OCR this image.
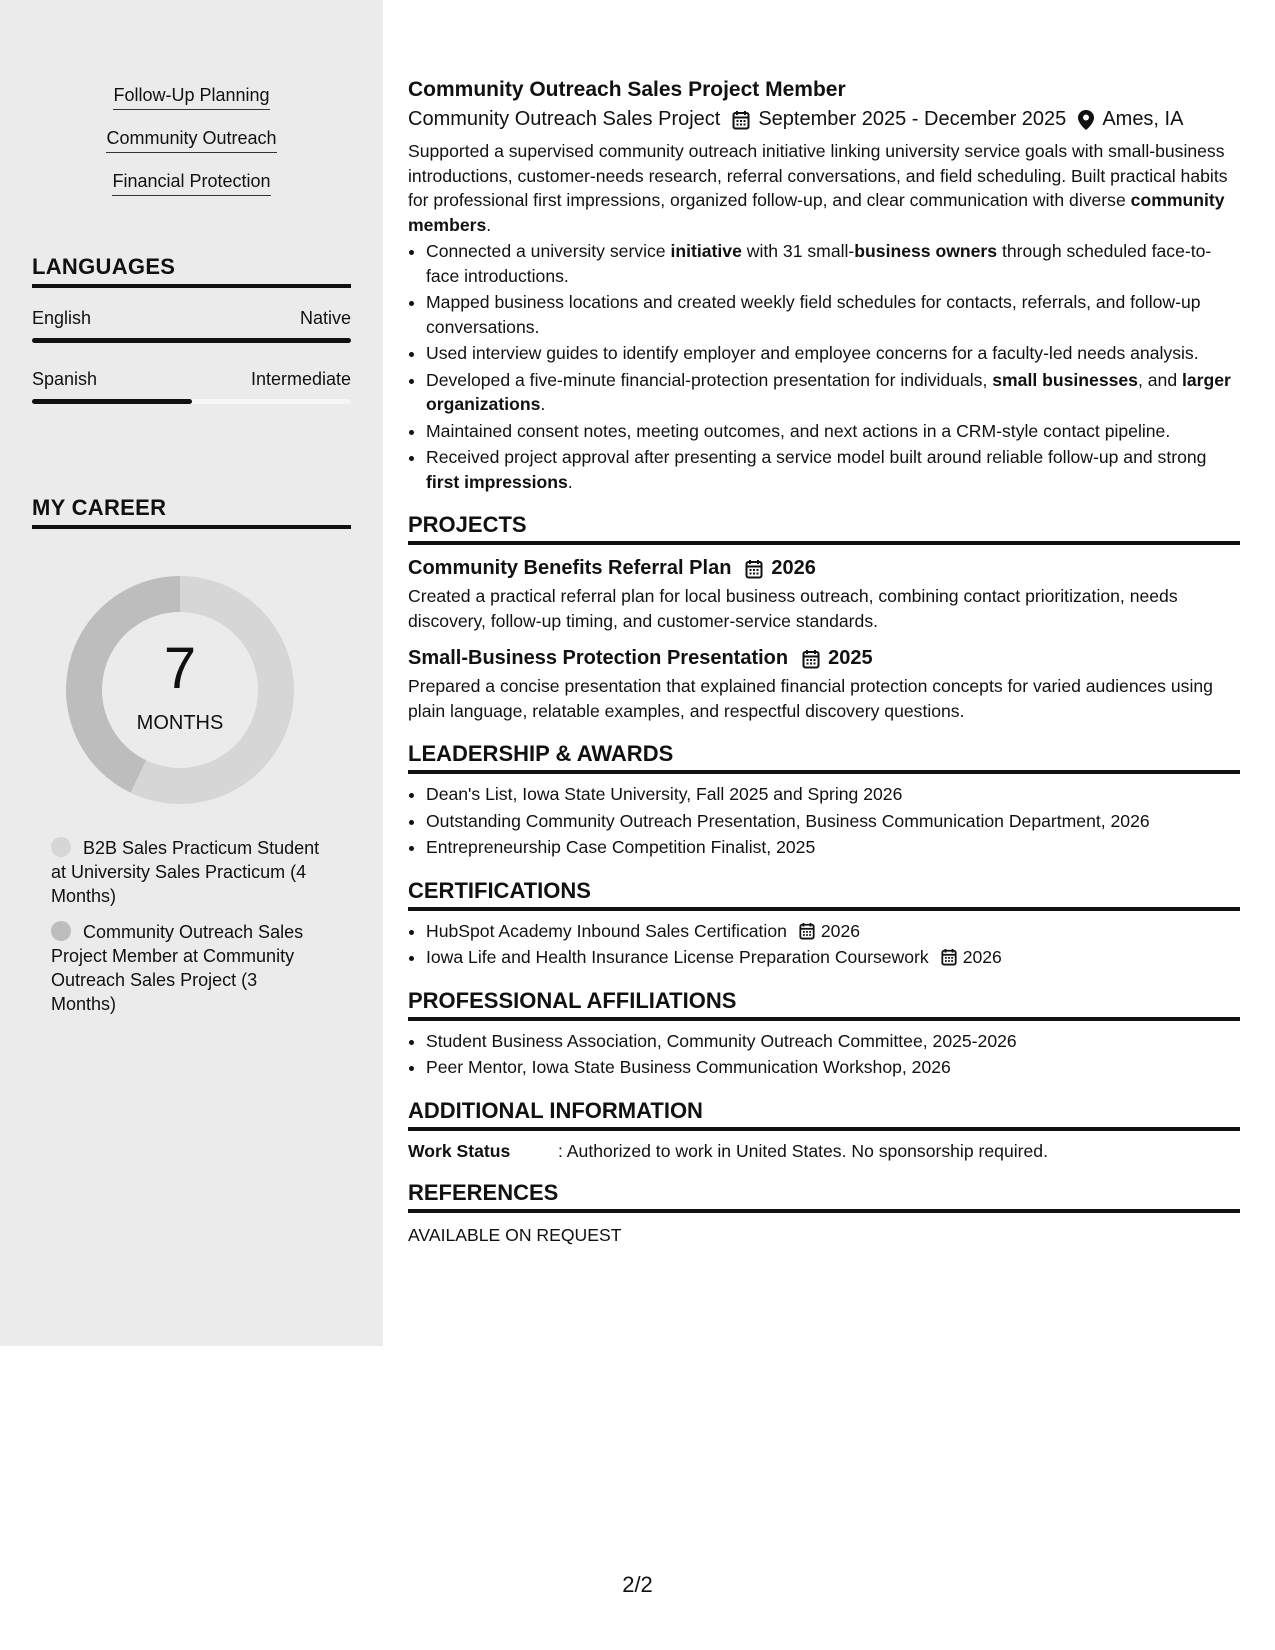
Follow-Up Planning
Community Outreach
Financial Protection
LANGUAGES
English	Native
Spanish	Intermediate
MY CAREER
7
MONTHS
B2B Sales Practicum Student at University Sales Practicum (4 Months)
Community Outreach Sales Project Member at Community Outreach Sales Project (3 Months)
Community Outreach Sales Project Member
Community Outreach Sales Project September 2025 - December 2025 Ames, IA
Supported a supervised community outreach initiative linking university service goals with small-business introductions, customer-needs research, referral conversations, and field scheduling. Built practical habits for professional first impressions, organized follow-up, and clear communication with diverse community members.
• Connected a university service initiative with 31 small-business owners through scheduled face-to-face introductions.
• Mapped business locations and created weekly field schedules for contacts, referrals, and follow-up conversations.
• Used interview guides to identify employer and employee concerns for a faculty-led needs analysis.
• Developed a five-minute financial-protection presentation for individuals, small businesses, and larger organizations.
• Maintained consent notes, meeting outcomes, and next actions in a CRM-style contact pipeline.
• Received project approval after presenting a service model built around reliable follow-up and strong first impressions.
PROJECTS
Community Benefits Referral Plan 2026
Created a practical referral plan for local business outreach, combining contact prioritization, needs discovery, follow-up timing, and customer-service standards.
Small-Business Protection Presentation 2025
Prepared a concise presentation that explained financial protection concepts for varied audiences using plain language, relatable examples, and respectful discovery questions.
LEADERSHIP & AWARDS
• Dean's List, Iowa State University, Fall 2025 and Spring 2026
• Outstanding Community Outreach Presentation, Business Communication Department, 2026
• Entrepreneurship Case Competition Finalist, 2025
CERTIFICATIONS
• HubSpot Academy Inbound Sales Certification 2026
• Iowa Life and Health Insurance License Preparation Coursework 2026
PROFESSIONAL AFFILIATIONS
• Student Business Association, Community Outreach Committee, 2025-2026
• Peer Mentor, Iowa State Business Communication Workshop, 2026
ADDITIONAL INFORMATION
Work Status	: Authorized to work in United States. No sponsorship required.
REFERENCES
AVAILABLE ON REQUEST
2/2
